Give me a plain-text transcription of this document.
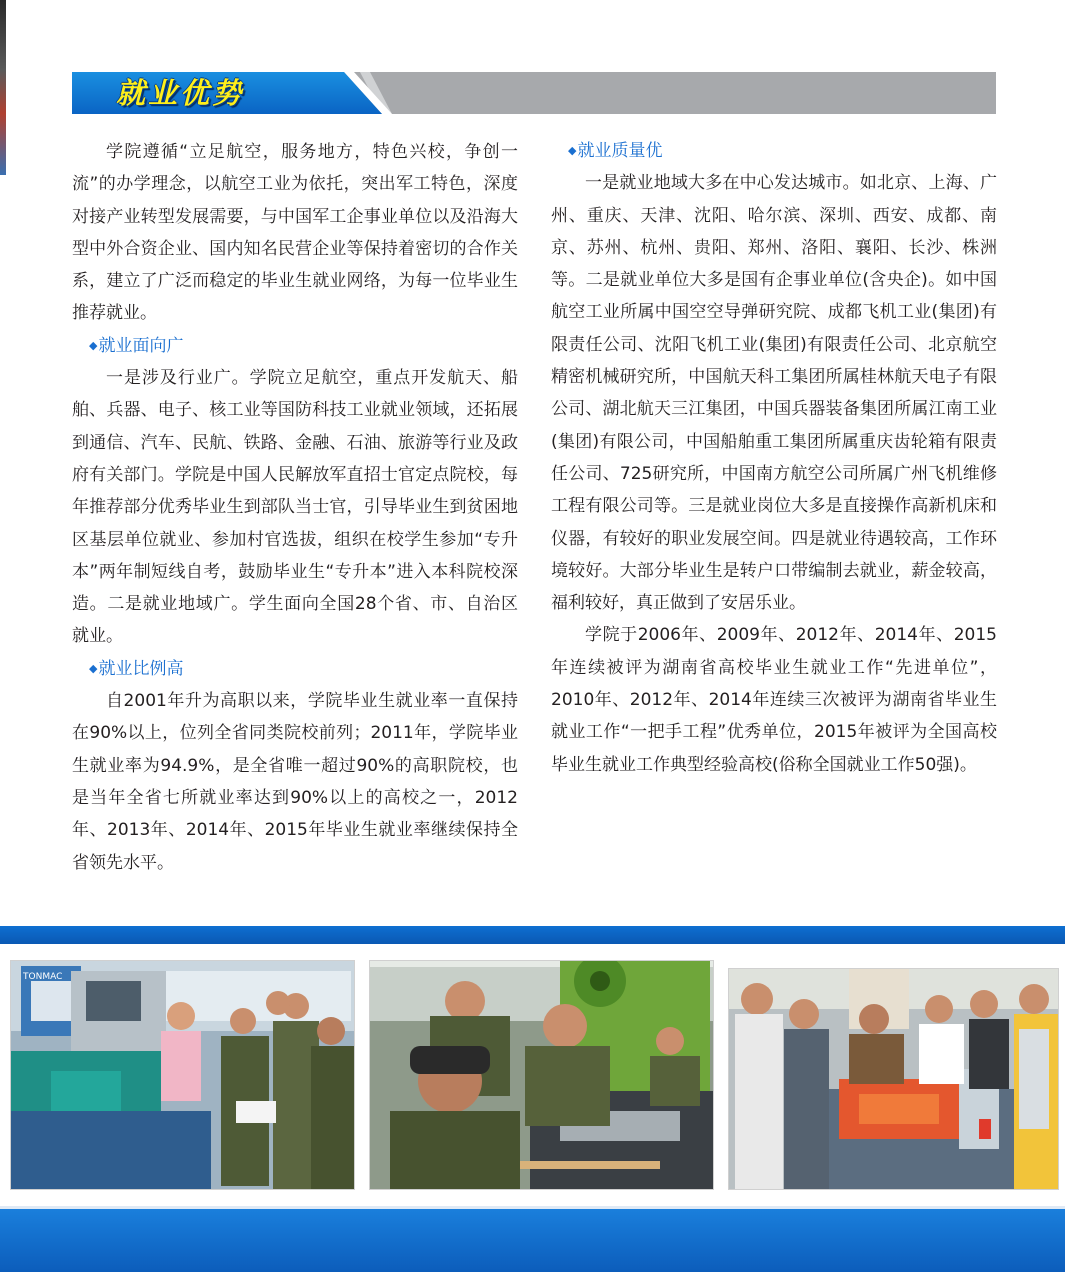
就业优势

学院遵循“立足航空，服务地方，特色兴校，争创一流”的办学理念，以航空工业为依托，突出军工特色，深度对接产业转型发展需要，与中国军工企事业单位以及沿海大型中外合资企业、国内知名民营企业等保持着密切的合作关系，建立了广泛而稳定的毕业生就业网络，为每一位毕业生推荐就业。

◆就业面向广

一是涉及行业广。学院立足航空，重点开发航天、船舶、兵器、电子、核工业等国防科技工业就业领域，还拓展到通信、汽车、民航、铁路、金融、石油、旅游等行业及政府有关部门。学院是中国人民解放军直招士官定点院校，每年推荐部分优秀毕业生到部队当士官，引导毕业生到贫困地区基层单位就业、参加村官选拔，组织在校学生参加“专升本”两年制短线自考，鼓励毕业生“专升本”进入本科院校深造。二是就业地域广。学生面向全国28个省、市、自治区就业。

◆就业比例高

自2001年升为高职以来，学院毕业生就业率一直保持在90%以上，位列全省同类院校前列；2011年，学院毕业生就业率为94.9%，是全省唯一超过90%的高职院校，也是当年全省七所就业率达到90%以上的高校之一，2012年、2013年、2014年、2015年毕业生就业率继续保持全省领先水平。

◆就业质量优

一是就业地域大多在中心发达城市。如北京、上海、广州、重庆、天津、沈阳、哈尔滨、深圳、西安、成都、南京、苏州、杭州、贵阳、郑州、洛阳、襄阳、长沙、株洲等。二是就业单位大多是国有企事业单位(含央企)。如中国航空工业所属中国空空导弹研究院、成都飞机工业(集团)有限责任公司、沈阳飞机工业(集团)有限责任公司、北京航空精密机械研究所，中国航天科工集团所属桂林航天电子有限公司、湖北航天三江集团，中国兵器装备集团所属江南工业(集团)有限公司，中国船舶重工集团所属重庆齿轮箱有限责任公司、725研究所，中国南方航空公司所属广州飞机维修工程有限公司等。三是就业岗位大多是直接操作高新机床和仪器，有较好的职业发展空间。四是就业待遇较高，工作环境较好。大部分毕业生是转户口带编制去就业，薪金较高，福利较好，真正做到了安居乐业。

学院于2006年、2009年、2012年、2014年、2015年连续被评为湖南省高校毕业生就业工作“先进单位”，2010年、2012年、2014年连续三次被评为湖南省毕业生就业工作“一把手工程”优秀单位，2015年被评为全国高校毕业生就业工作典型经验高校(俗称全国就业工作50强)。

TONMAC
